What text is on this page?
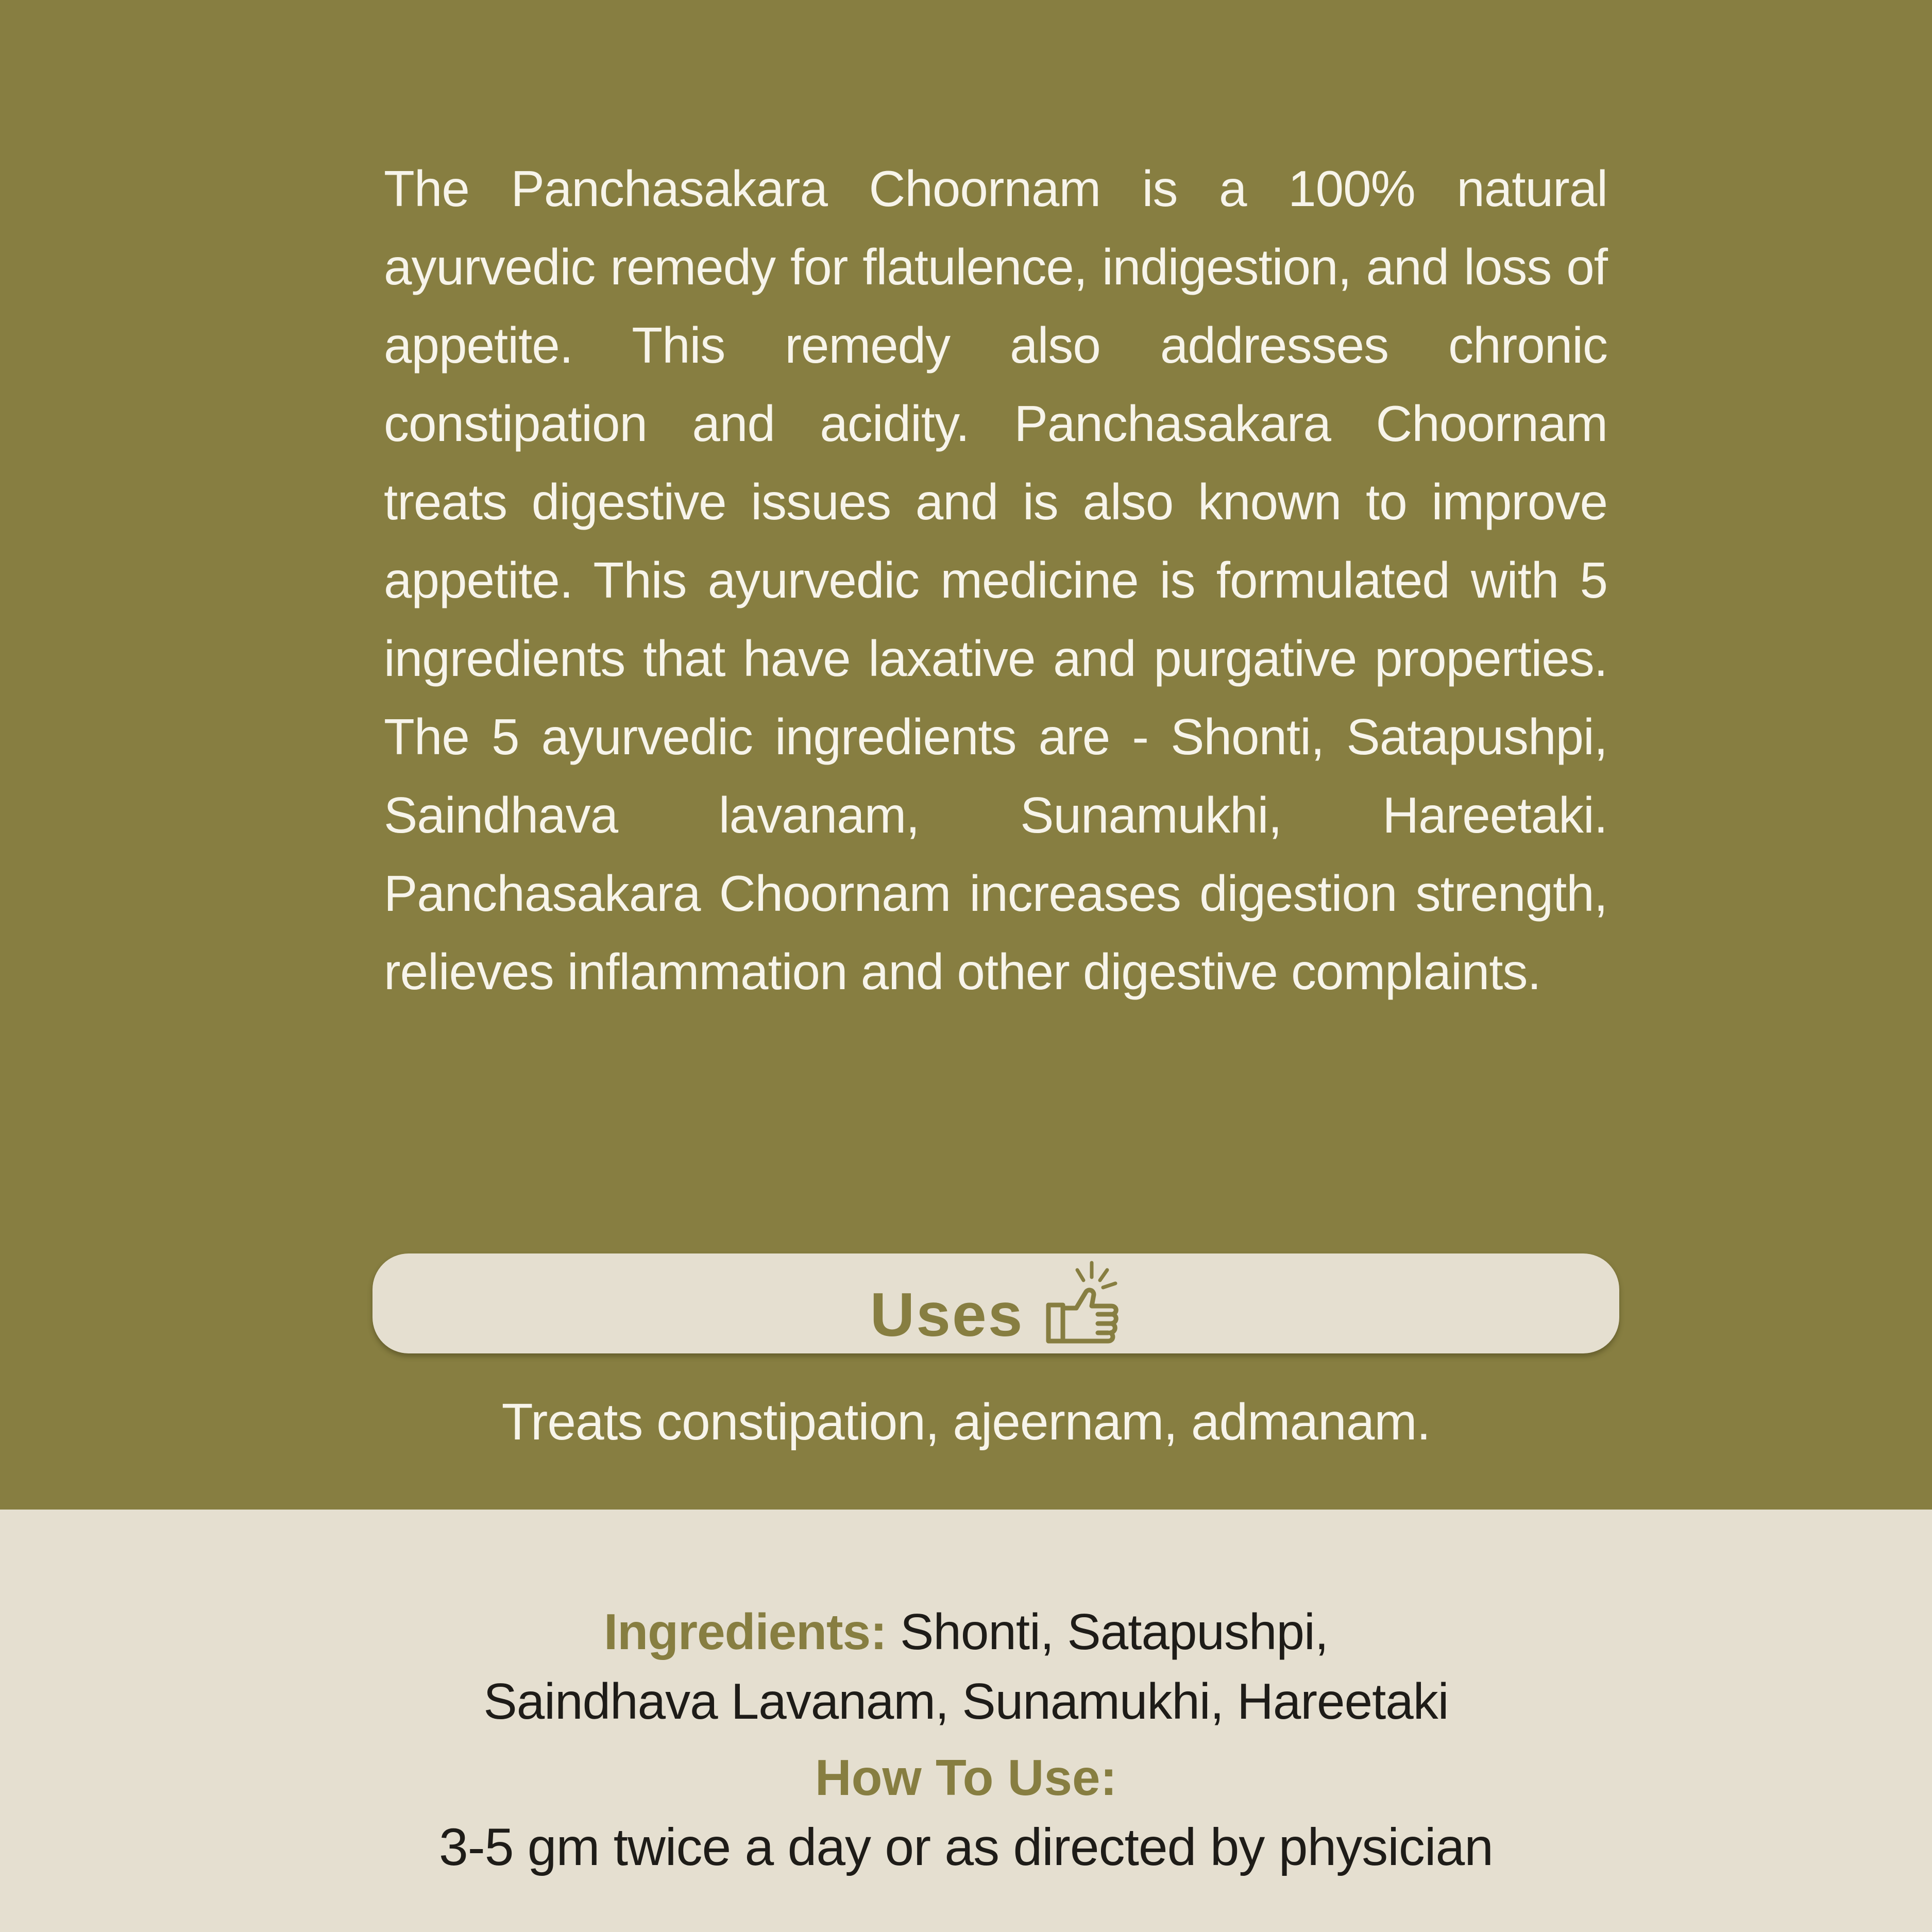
The Panchasakara Choornam is a 100% natural ayurvedic remedy for flatulence, indigestion, and loss of appetite. This remedy also addresses chronic constipation and acidity. Panchasakara Choornam treats digestive issues and is also known to improve appetite. This ayurvedic medicine is formulated with 5 ingredients that have laxative and purgative properties. The 5 ayurvedic ingredients are - Shonti, Satapushpi, Saindhava lavanam, Sunamukhi, Hareetaki. Panchasakara Choornam increases digestion strength, relieves inflammation and other digestive complaints.

Uses
Treats constipation, ajeernam, admanam.
Ingredients: Shonti, Satapushpi,
Saindhava Lavanam, Sunamukhi, Hareetaki
How To Use:
3-5 gm twice a day or as directed by physician
